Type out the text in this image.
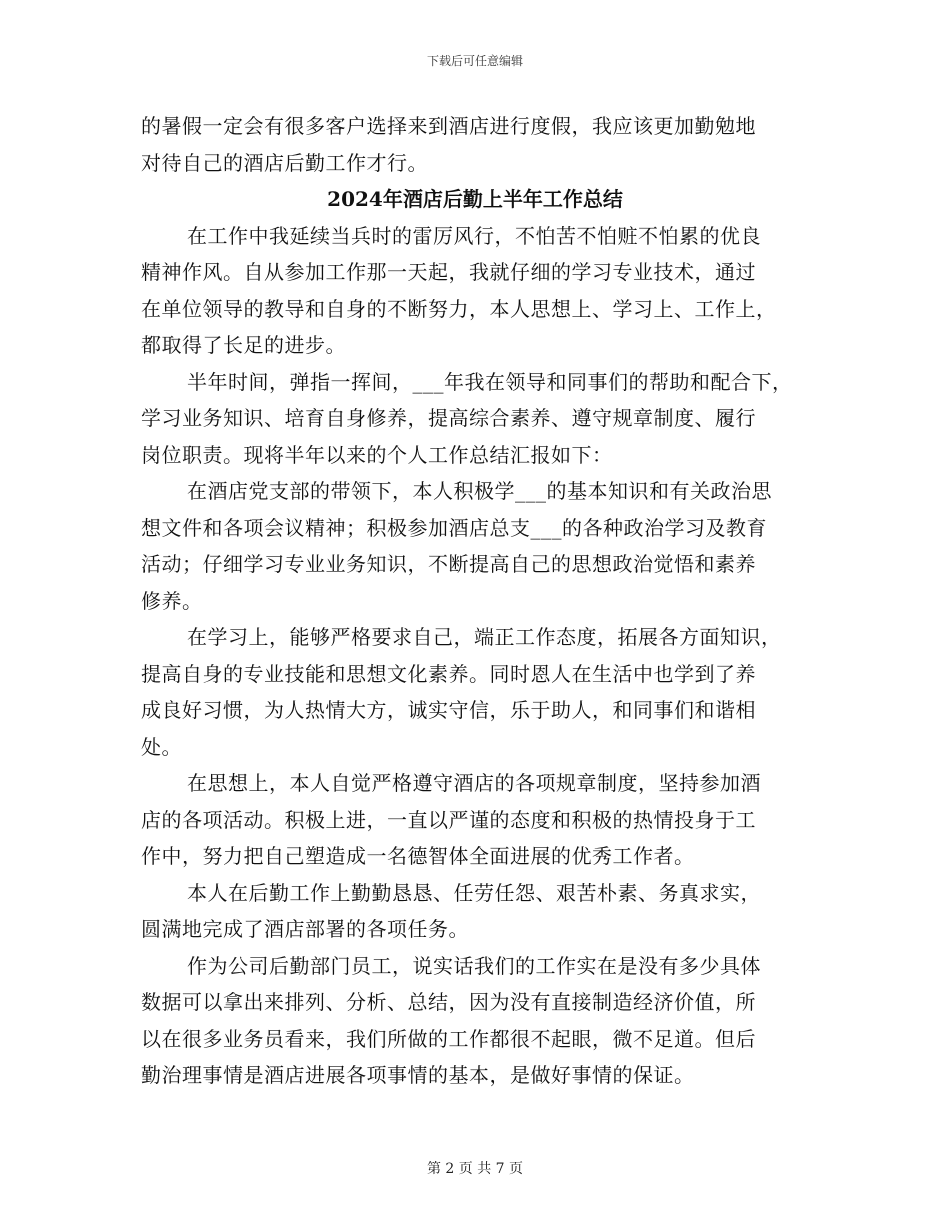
下载后可任意编辑
的暑假一定会有很多客户选择来到酒店进行度假，我应该更加勤勉地
对待自己的酒店后勤工作才行。
2024年酒店后勤上半年工作总结
在工作中我延续当兵时的雷厉风行，不怕苦不怕赃不怕累的优良
精神作风。自从参加工作那一天起，我就仔细的学习专业技术，通过
在单位领导的教导和自身的不断努力，本人思想上、学习上、工作上，
都取得了长足的进步。
半年时间，弹指一挥间，___年我在领导和同事们的帮助和配合下，
学习业务知识、培育自身修养，提高综合素养、遵守规章制度、履行
岗位职责。现将半年以来的个人工作总结汇报如下：
在酒店党支部的带领下，本人积极学___的基本知识和有关政治思
想文件和各项会议精神；积极参加酒店总支___的各种政治学习及教育
活动；仔细学习专业业务知识，不断提高自己的思想政治觉悟和素养
修养。
在学习上，能够严格要求自己，端正工作态度，拓展各方面知识，
提高自身的专业技能和思想文化素养。同时恩人在生活中也学到了养
成良好习惯，为人热情大方，诚实守信，乐于助人，和同事们和谐相
处。
在思想上，本人自觉严格遵守酒店的各项规章制度，坚持参加酒
店的各项活动。积极上进，一直以严谨的态度和积极的热情投身于工
作中，努力把自己塑造成一名德智体全面进展的优秀工作者。
本人在后勤工作上勤勤恳恳、任劳任怨、艰苦朴素、务真求实，
圆满地完成了酒店部署的各项任务。
作为公司后勤部门员工，说实话我们的工作实在是没有多少具体
数据可以拿出来排列、分析、总结，因为没有直接制造经济价值，所
以在很多业务员看来，我们所做的工作都很不起眼，微不足道。但后
勤治理事情是酒店进展各项事情的基本，是做好事情的保证。
第 2 页 共 7 页
